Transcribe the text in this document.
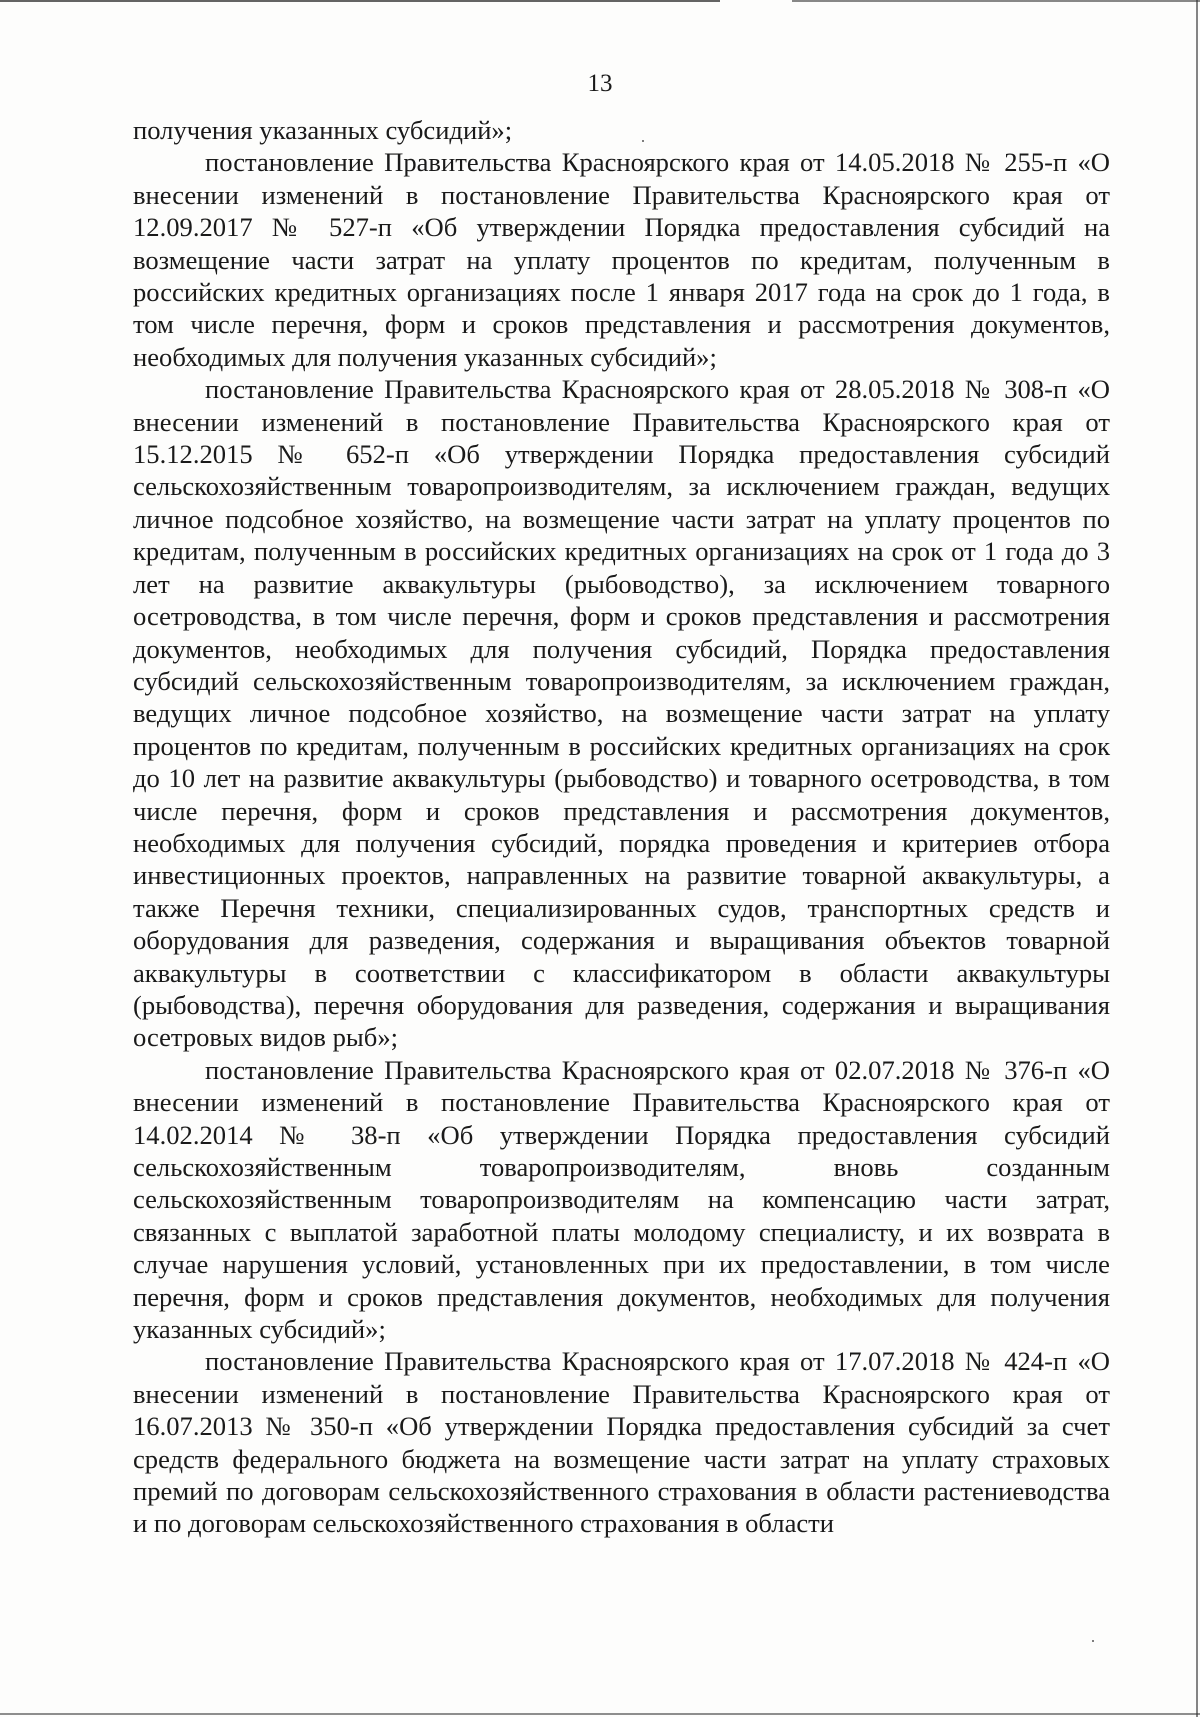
13

получения указанных субсидий»;

постановление Правительства Красноярского края от 14.05.2018 № 255-п «О внесении изменений в постановление Правительства Красноярского края от 12.09.2017 № 527-п «Об утверждении Порядка предоставления субсидий на возмещение части затрат на уплату процентов по кредитам, полученным в российских кредитных организациях после 1 января 2017 года на срок до 1 года, в том числе перечня, форм и сроков представления и рассмотрения документов, необходимых для получения указанных субсидий»;

постановление Правительства Красноярского края от 28.05.2018 № 308-п «О внесении изменений в постановление Правительства Красноярского края от 15.12.2015 № 652-п «Об утверждении Порядка предоставления субсидий сельскохозяйственным товаропроизводителям, за исключением граждан, ведущих личное подсобное хозяйство, на возмещение части затрат на уплату процентов по кредитам, полученным в российских кредитных организациях на срок от 1 года до 3 лет на развитие аквакультуры (рыбоводство), за исключением товарного осетроводства, в том числе перечня, форм и сроков представления и рассмотрения документов, необходимых для получения субсидий, Порядка предоставления субсидий сельскохозяйственным товаропроизводителям, за исключением граждан, ведущих личное подсобное хозяйство, на возмещение части затрат на уплату процентов по кредитам, полученным в российских кредитных организациях на срок до 10 лет на развитие аквакультуры (рыбоводство) и товарного осетроводства, в том числе перечня, форм и сроков представления и рассмотрения документов, необходимых для получения субсидий, порядка проведения и критериев отбора инвестиционных проектов, направленных на развитие товарной аквакультуры, а также Перечня техники, специализированных судов, транспортных средств и оборудования для разведения, содержания и выращивания объектов товарной аквакультуры в соответствии с классификатором в области аквакультуры (рыбоводства), перечня оборудования для разведения, содержания и выращивания осетровых видов рыб»;

постановление Правительства Красноярского края от 02.07.2018 № 376-п «О внесении изменений в постановление Правительства Красноярского края от 14.02.2014 № 38-п «Об утверждении Порядка предоставления субсидий сельскохозяйственным товаропроизводителям, вновь созданным сельскохозяйственным товаропроизводителям на компенсацию части затрат, связанных с выплатой заработной платы молодому специалисту, и их возврата в случае нарушения условий, установленных при их предоставлении, в том числе перечня, форм и сроков представления документов, необходимых для получения указанных субсидий»;

постановление Правительства Красноярского края от 17.07.2018 № 424-п «О внесении изменений в постановление Правительства Красноярского края от 16.07.2013 № 350-п «Об утверждении Порядка предоставления субсидий за счет средств федерального бюджета на возмещение части затрат на уплату страховых премий по договорам сельскохозяйственного страхования в области растениеводства и по договорам сельскохозяйственного страхования в области
